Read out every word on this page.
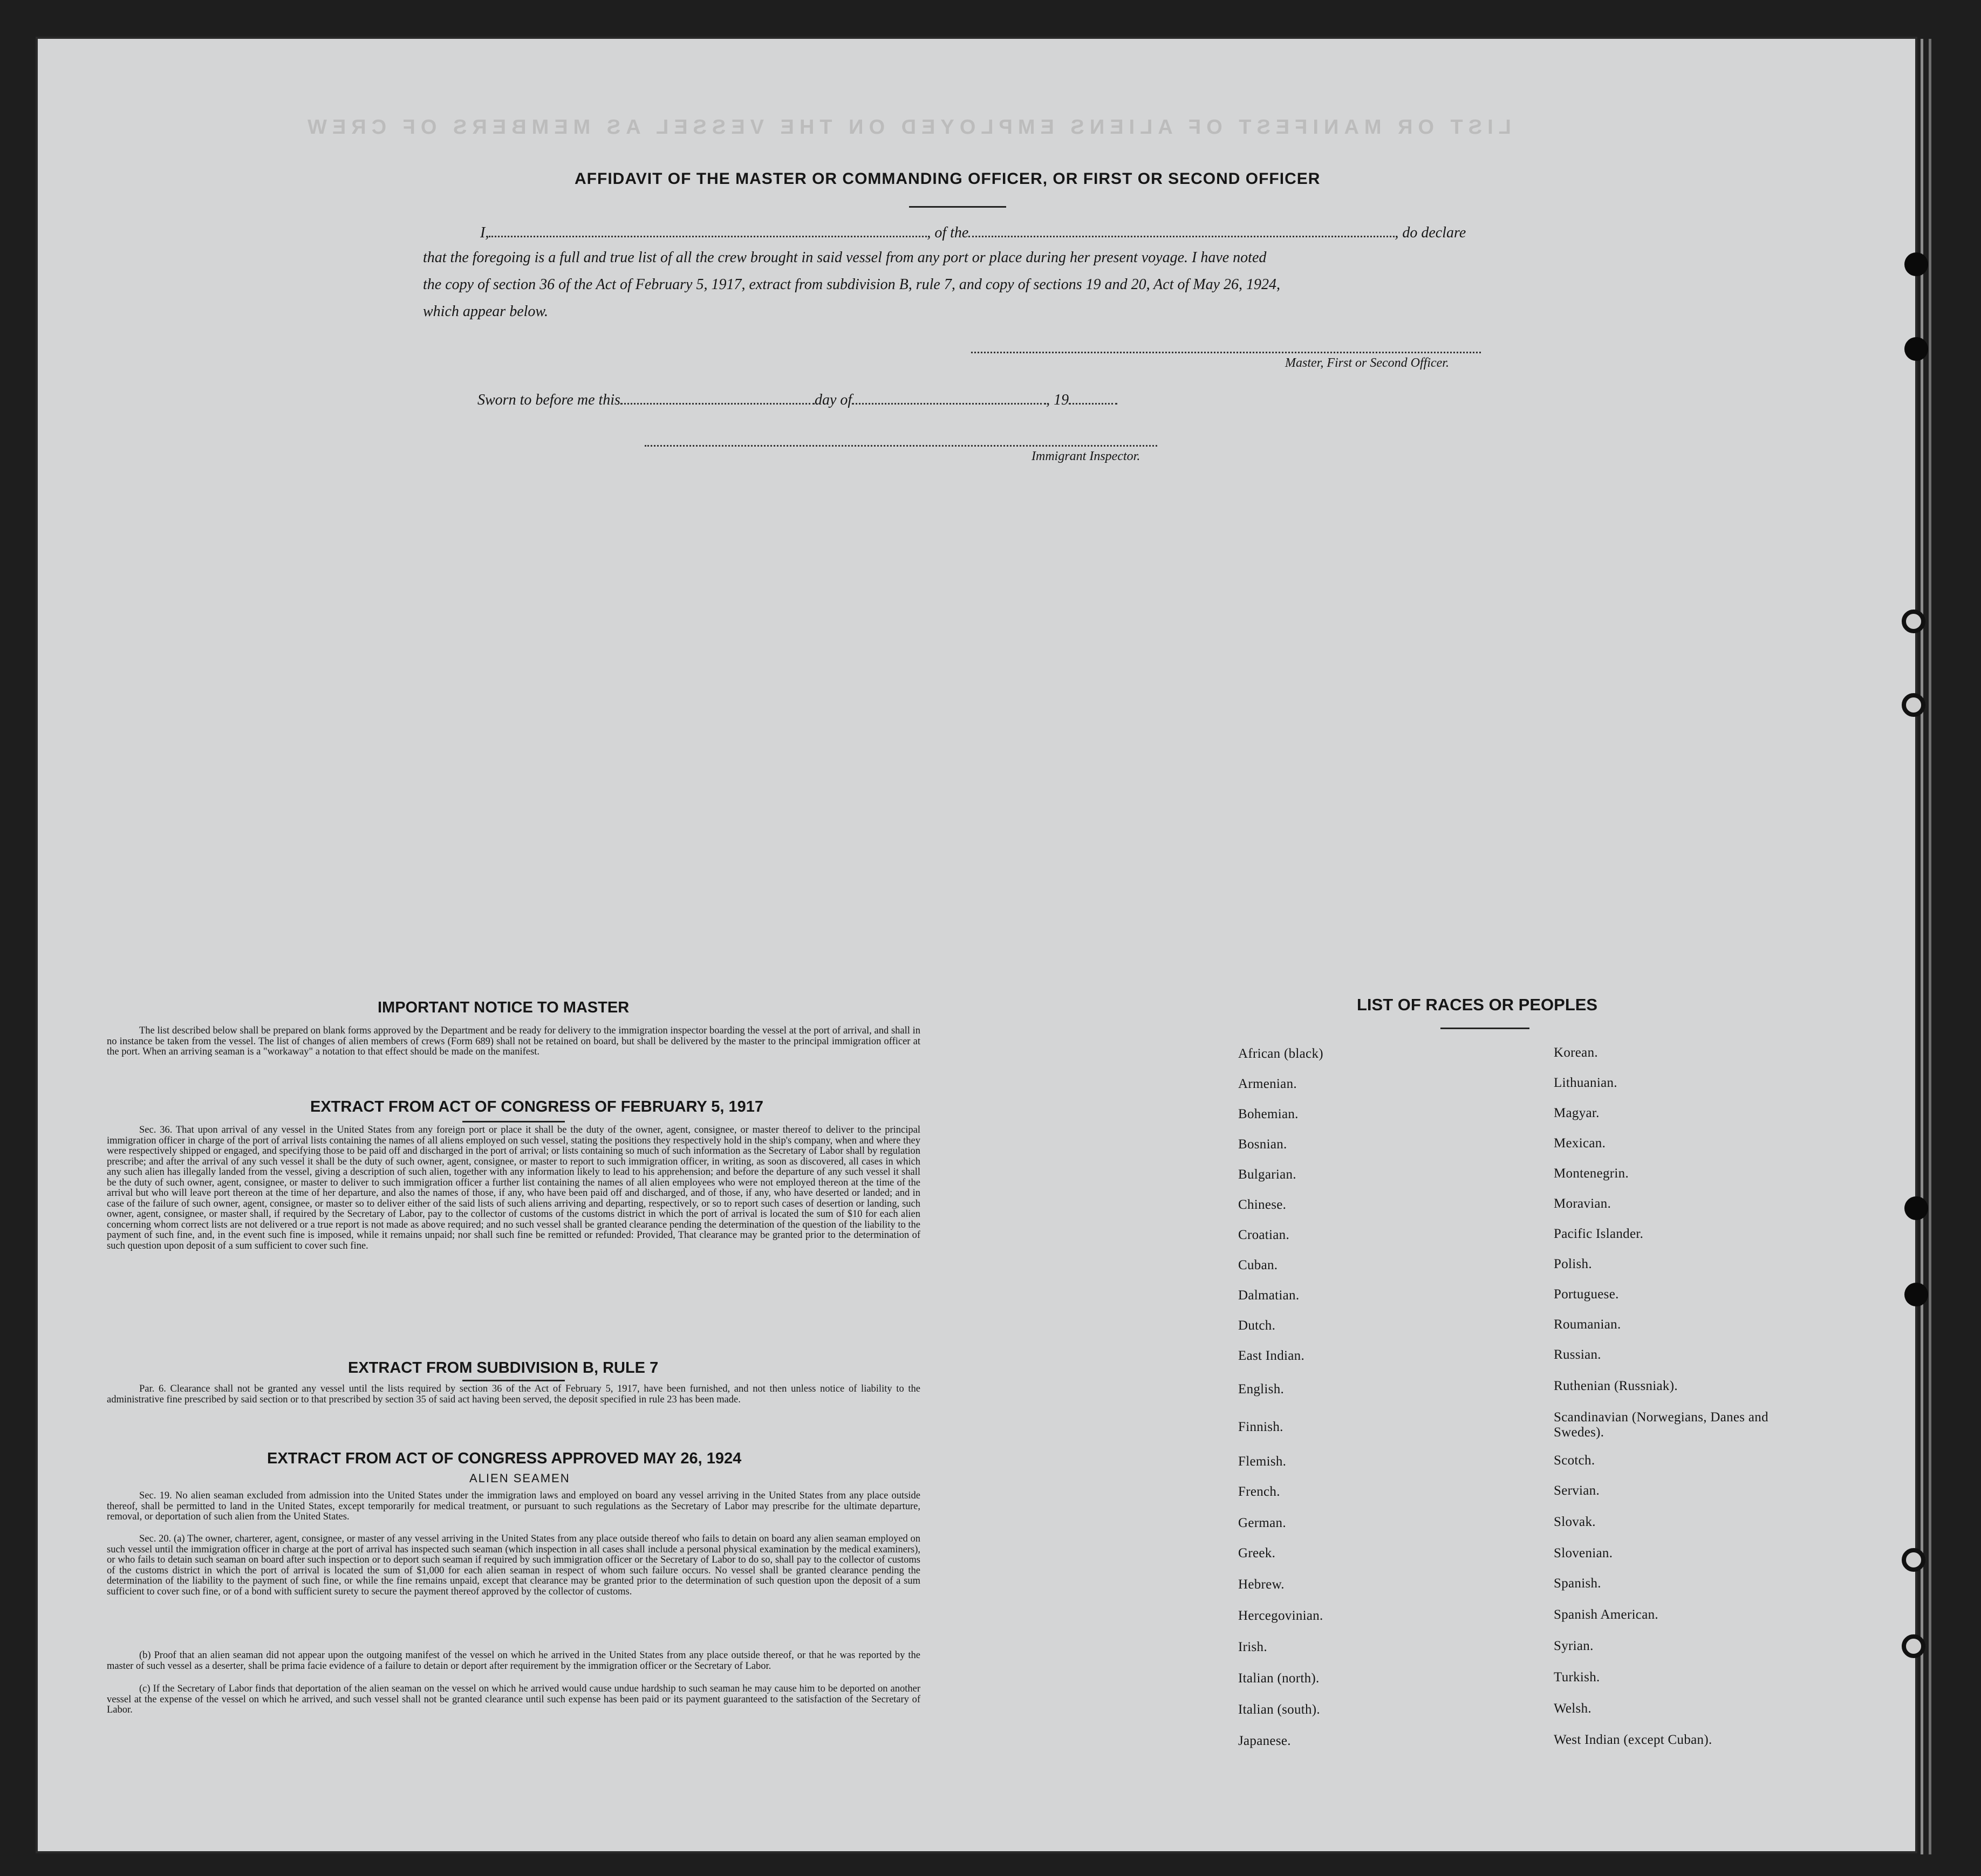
LIST OR MANIFEST OF ALIENS EMPLOYED ON THE VESSEL AS MEMBERS OF CREW
AFFIDAVIT OF THE MASTER OR COMMANDING OFFICER, OR FIRST OR SECOND OFFICER
I,	, of the	, do declare
that the foregoing is a full and true list of all the crew brought in said vessel from any port or place during her present voyage. I have noted
the copy of section 36 of the Act of February 5, 1917, extract from subdivision B, rule 7, and copy of sections 19 and 20, Act of May 26, 1924,
which appear below.
Master, First or Second Officer.
Sworn to before me this	day of	, 19
Immigrant Inspector.
IMPORTANT NOTICE TO MASTER

The list described below shall be prepared on blank forms approved by the Department and be ready for delivery to the immigration inspector boarding the vessel at the port of arrival, and shall in no instance be taken from the vessel. The list of changes of alien members of crews (Form 689) shall not be retained on board, but shall be delivered by the master to the principal immigration officer at the port. When an arriving seaman is a "workaway" a notation to that effect should be made on the manifest.

EXTRACT FROM ACT OF CONGRESS OF FEBRUARY 5, 1917

Sec. 36. That upon arrival of any vessel in the United States from any foreign port or place it shall be the duty of the owner, agent, consignee, or master thereof to deliver to the principal immigration officer in charge of the port of arrival lists containing the names of all aliens employed on such vessel, stating the positions they respectively hold in the ship's company, when and where they were respectively shipped or engaged, and specifying those to be paid off and discharged in the port of arrival; or lists containing so much of such information as the Secretary of Labor shall by regulation prescribe; and after the arrival of any such vessel it shall be the duty of such owner, agent, consignee, or master to report to such immigration officer, in writing, as soon as discovered, all cases in which any such alien has illegally landed from the vessel, giving a description of such alien, together with any information likely to lead to his apprehension; and before the departure of any such vessel it shall be the duty of such owner, agent, consignee, or master to deliver to such immigration officer a further list containing the names of all alien employees who were not employed thereon at the time of the arrival but who will leave port thereon at the time of her departure, and also the names of those, if any, who have been paid off and discharged, and of those, if any, who have deserted or landed; and in case of the failure of such owner, agent, consignee, or master so to deliver either of the said lists of such aliens arriving and departing, respectively, or so to report such cases of desertion or landing, such owner, agent, consignee, or master shall, if required by the Secretary of Labor, pay to the collector of customs of the customs district in which the port of arrival is located the sum of $10 for each alien concerning whom correct lists are not delivered or a true report is not made as above required; and no such vessel shall be granted clearance pending the determination of the question of the liability to the payment of such fine, and, in the event such fine is imposed, while it remains unpaid; nor shall such fine be remitted or refunded: Provided, That clearance may be granted prior to the determination of such question upon deposit of a sum sufficient to cover such fine.

EXTRACT FROM SUBDIVISION B, RULE 7

Par. 6. Clearance shall not be granted any vessel until the lists required by section 36 of the Act of February 5, 1917, have been furnished, and not then unless notice of liability to the administrative fine prescribed by said section or to that prescribed by section 35 of said act having been served, the deposit specified in rule 23 has been made.

EXTRACT FROM ACT OF CONGRESS APPROVED MAY 26, 1924
ALIEN SEAMEN

Sec. 19. No alien seaman excluded from admission into the United States under the immigration laws and employed on board any vessel arriving in the United States from any place outside thereof, shall be permitted to land in the United States, except temporarily for medical treatment, or pursuant to such regulations as the Secretary of Labor may prescribe for the ultimate departure, removal, or deportation of such alien from the United States.

Sec. 20. (a) The owner, charterer, agent, consignee, or master of any vessel arriving in the United States from any place outside thereof who fails to detain on board any alien seaman employed on such vessel until the immigration officer in charge at the port of arrival has inspected such seaman (which inspection in all cases shall include a personal physical examination by the medical examiners), or who fails to detain such seaman on board after such inspection or to deport such seaman if required by such immigration officer or the Secretary of Labor to do so, shall pay to the collector of customs of the customs district in which the port of arrival is located the sum of $1,000 for each alien seaman in respect of whom such failure occurs. No vessel shall be granted clearance pending the determination of the liability to the payment of such fine, or while the fine remains unpaid, except that clearance may be granted prior to the determination of such question upon the deposit of a sum sufficient to cover such fine, or of a bond with sufficient surety to secure the payment thereof approved by the collector of customs.

(b) Proof that an alien seaman did not appear upon the outgoing manifest of the vessel on which he arrived in the United States from any place outside thereof, or that he was reported by the master of such vessel as a deserter, shall be prima facie evidence of a failure to detain or deport after requirement by the immigration officer or the Secretary of Labor.

(c) If the Secretary of Labor finds that deportation of the alien seaman on the vessel on which he arrived would cause undue hardship to such seaman he may cause him to be deported on another vessel at the expense of the vessel on which he arrived, and such vessel shall not be granted clearance until such expense has been paid or its payment guaranteed to the satisfaction of the Secretary of Labor.

LIST OF RACES OR PEOPLES
African (black)
Armenian.
Bohemian.
Bosnian.
Bulgarian.
Chinese.
Croatian.
Cuban.
Dalmatian.
Dutch.
East Indian.
English.
Finnish.
Flemish.
French.
German.
Greek.
Hebrew.
Hercegovinian.
Irish.
Italian (north).
Italian (south).
Japanese.
Korean.
Lithuanian.
Magyar.
Mexican.
Montenegrin.
Moravian.
Pacific Islander.
Polish.
Portuguese.
Roumanian.
Russian.
Ruthenian (Russniak).
Scandinavian (Norwegians, Danes and Swedes).
Scotch.
Servian.
Slovak.
Slovenian.
Spanish.
Spanish American.
Syrian.
Turkish.
Welsh.
West Indian (except Cuban).
